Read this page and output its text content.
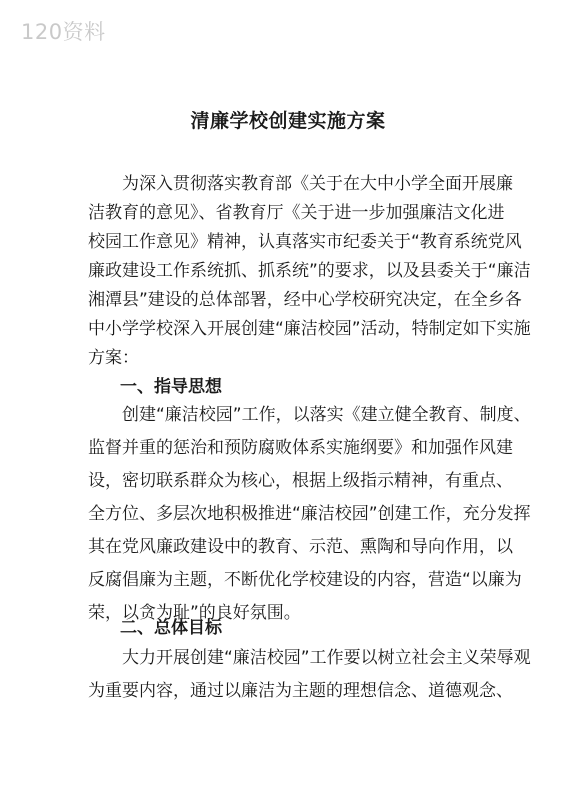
120资料
清廉学校创建实施方案
为深入贯彻落实教育部《关于在大中小学全面开展廉
洁教育的意见》、省教育厅《关于进一步加强廉洁文化进
校园工作意见》精神，认真落实市纪委关于“教育系统党风
廉政建设工作系统抓、抓系统”的要求，以及县委关于“廉洁
湘潭县”建设的总体部署，经中心学校研究决定，在全乡各
中小学学校深入开展创建“廉洁校园”活动，特制定如下实施
方案：
一、指导思想
创建“廉洁校园”工作，以落实《建立健全教育、制度、
监督并重的惩治和预防腐败体系实施纲要》和加强作风建
设，密切联系群众为核心，根据上级指示精神，有重点、
全方位、多层次地积极推进“廉洁校园”创建工作，充分发挥
其在党风廉政建设中的教育、示范、熏陶和导向作用，以
反腐倡廉为主题，不断优化学校建设的内容，营造“以廉为
荣，以贪为耻”的良好氛围。
二、总体目标
大力开展创建“廉洁校园”工作要以树立社会主义荣辱观
为重要内容，通过以廉洁为主题的理想信念、道德观念、
